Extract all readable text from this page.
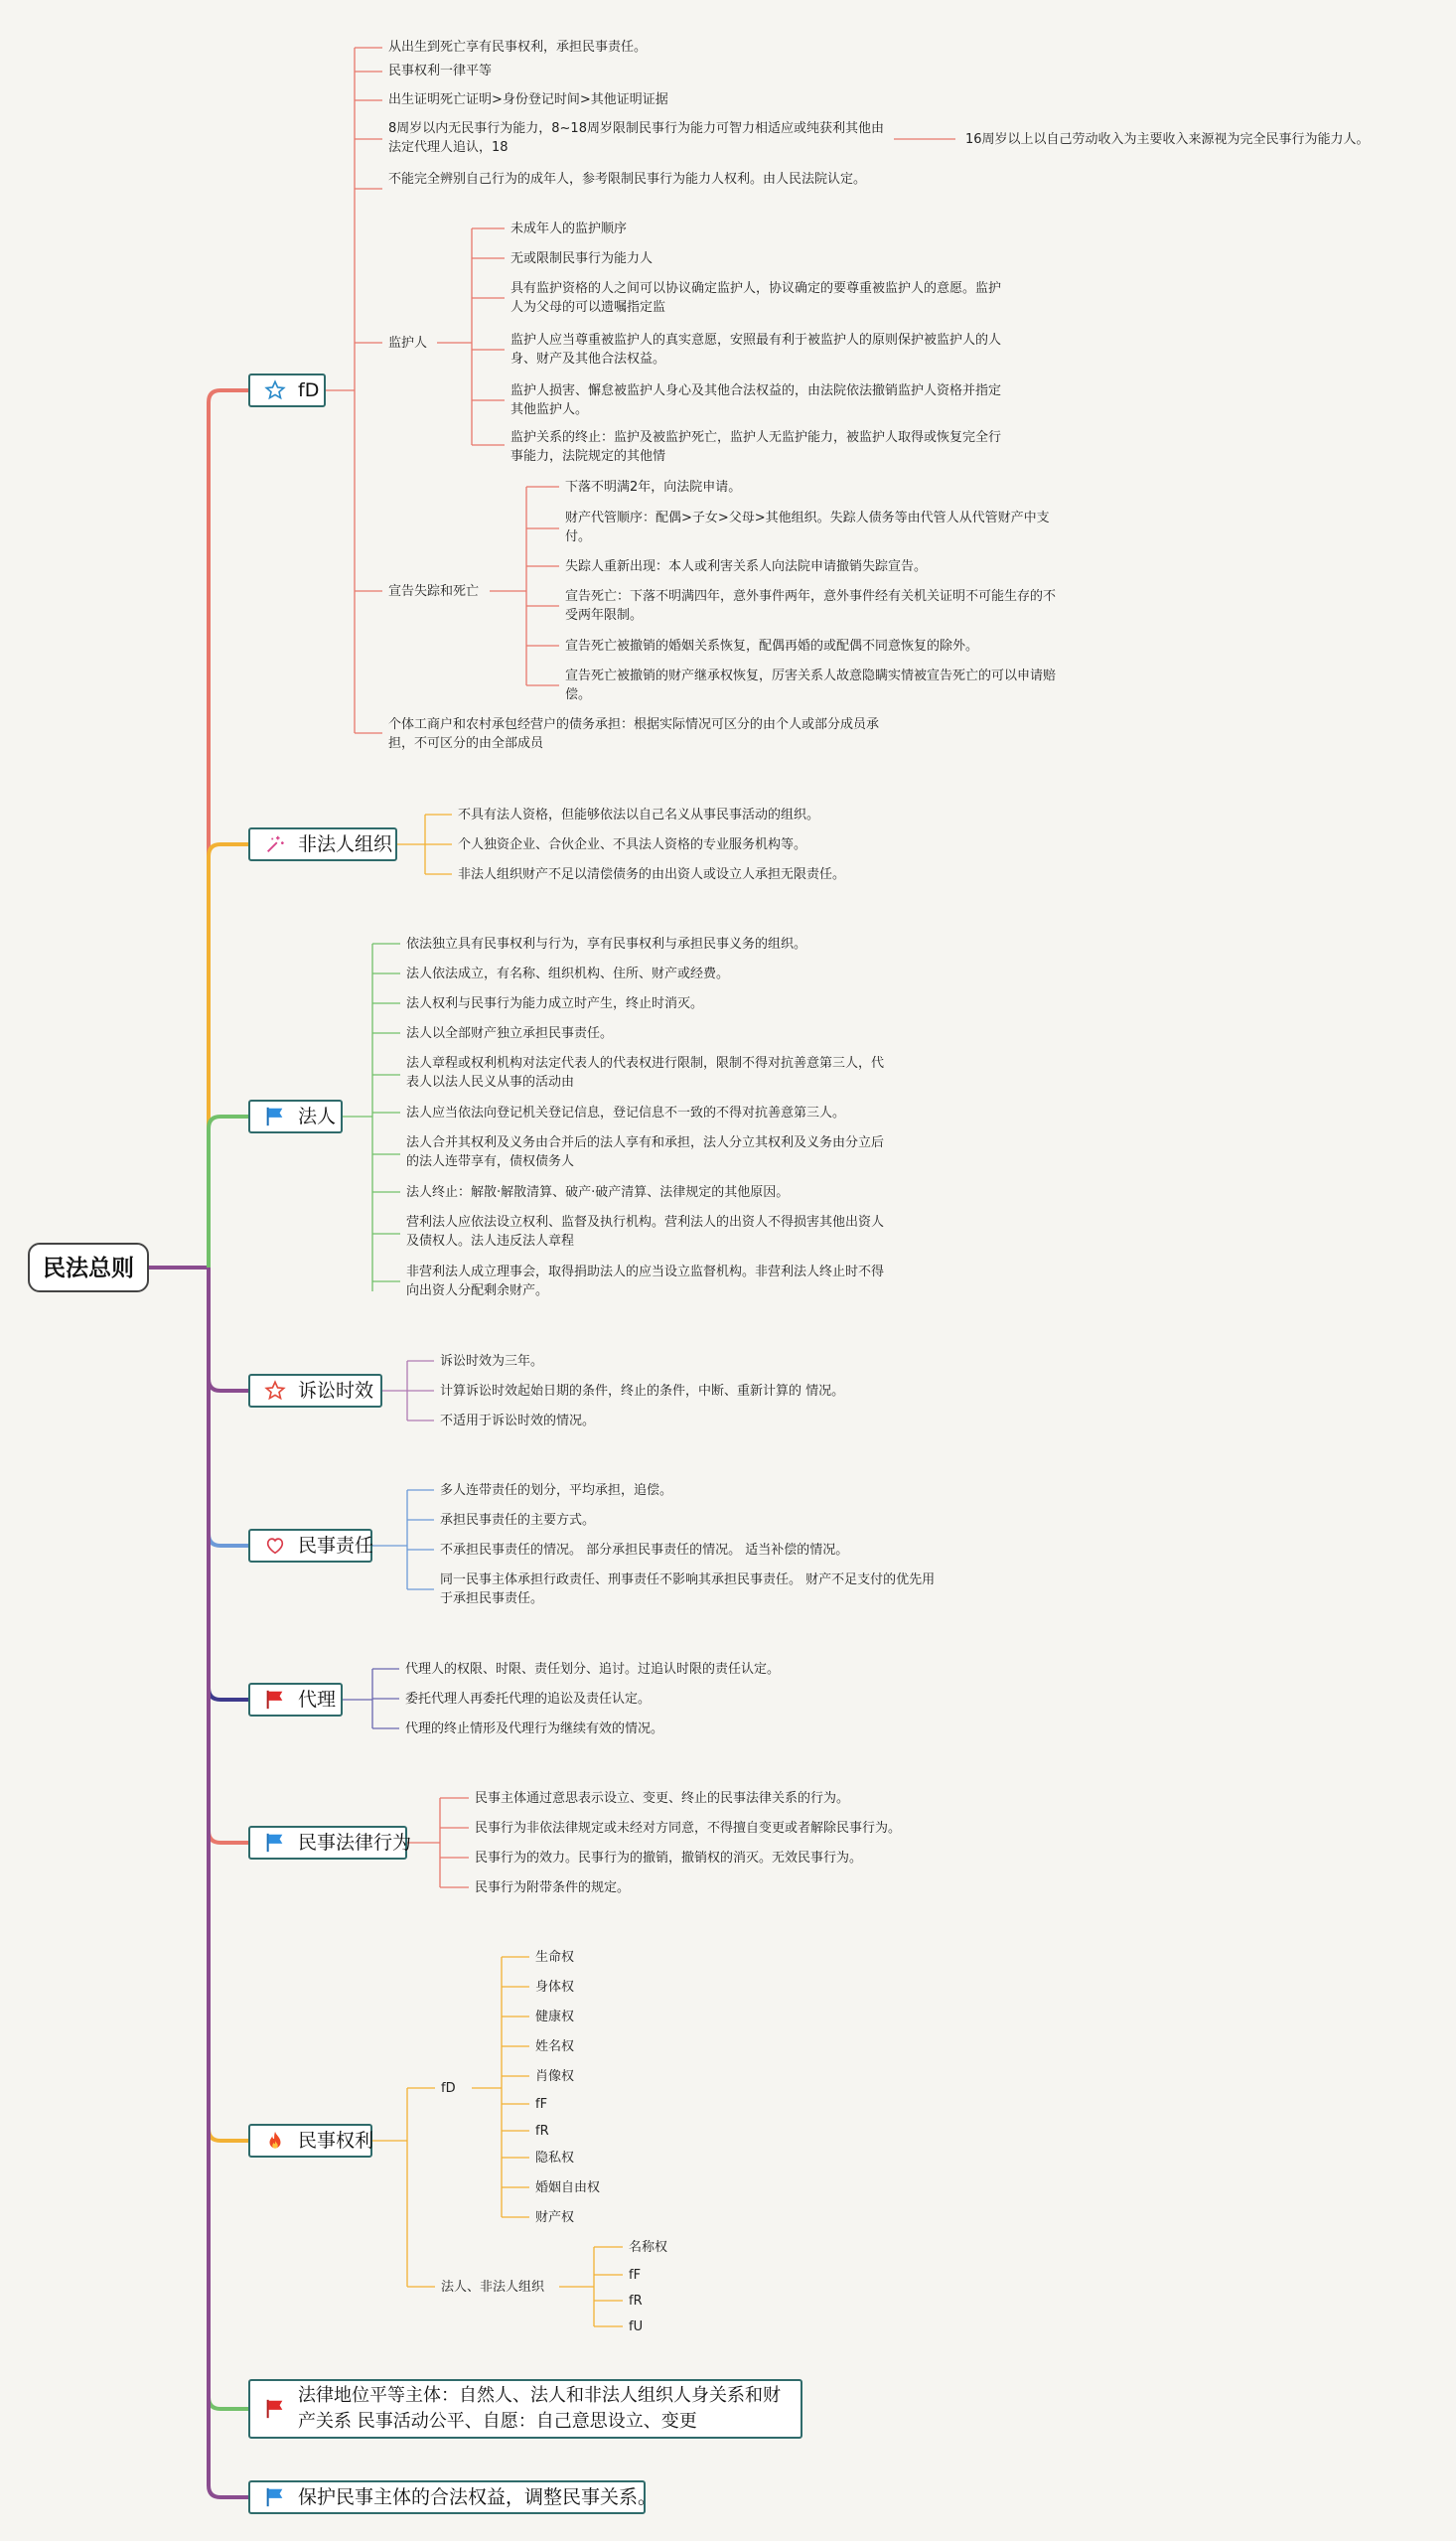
民法总则
fD
从出生到死亡享有民事权利，承担民事责任。
民事权利一律平等
出生证明死亡证明>身份登记时间>其他证明证据
8周岁以内无民事行为能力，8~18周岁限制民事行为能力可智力相适应或纯获利其他由法定代理人追认，18
不能完全辨别自己行为的成年人，参考限制民事行为能力人权利。由人民法院认定。
16周岁以上以自己劳动收入为主要收入来源视为完全民事行为能力人。
监护人
未成年人的监护顺序
无或限制民事行为能力人
具有监护资格的人之间可以协议确定监护人，协议确定的要尊重被监护人的意愿。监护人为父母的可以遗嘱指定监
监护人应当尊重被监护人的真实意愿，安照最有利于被监护人的原则保护被监护人的人身、财产及其他合法权益。
监护人损害、懈怠被监护人身心及其他合法权益的，由法院依法撤销监护人资格并指定其他监护人。
监护关系的终止：监护及被监护死亡，监护人无监护能力，被监护人取得或恢复完全行事能力，法院规定的其他情
宣告失踪和死亡
下落不明满2年，向法院申请。
财产代管顺序：配偶>子女>父母>其他组织。失踪人债务等由代管人从代管财产中支付。
失踪人重新出现：本人或利害关系人向法院申请撤销失踪宣告。
宣告死亡：下落不明满四年，意外事件两年，意外事件经有关机关证明不可能生存的不受两年限制。
宣告死亡被撤销的婚姻关系恢复，配偶再婚的或配偶不同意恢复的除外。
宣告死亡被撤销的财产继承权恢复，厉害关系人故意隐瞒实情被宣告死亡的可以申请赔偿。
个体工商户和农村承包经营户的债务承担：根据实际情况可区分的由个人或部分成员承担，不可区分的由全部成员
非法人组织
不具有法人资格，但能够依法以自己名义从事民事活动的组织。
个人独资企业、合伙企业、不具法人资格的专业服务机构等。
非法人组织财产不足以清偿债务的由出资人或设立人承担无限责任。
法人
依法独立具有民事权利与行为，享有民事权利与承担民事义务的组织。
法人依法成立，有名称、组织机构、住所、财产或经费。
法人权利与民事行为能力成立时产生，终止时消灭。
法人以全部财产独立承担民事责任。
法人章程或权利机构对法定代表人的代表权进行限制，限制不得对抗善意第三人，代表人以法人民义从事的活动由
法人应当依法向登记机关登记信息，登记信息不一致的不得对抗善意第三人。
法人合并其权利及义务由合并后的法人享有和承担，法人分立其权利及义务由分立后的法人连带享有，债权债务人
法人终止：解散·解散清算、破产·破产清算、法律规定的其他原因。
营利法人应依法设立权利、监督及执行机构。营利法人的出资人不得损害其他出资人及债权人。法人违反法人章程
非营利法人成立理事会，取得捐助法人的应当设立监督机构。非营利法人终止时不得向出资人分配剩余财产。
诉讼时效
诉讼时效为三年。
计算诉讼时效起始日期的条件，终止的条件，中断、重新计算的 情况。
不适用于诉讼时效的情况。
民事责任
多人连带责任的划分，平均承担，追偿。
承担民事责任的主要方式。
不承担民事责任的情况。 部分承担民事责任的情况。 适当补偿的情况。
同一民事主体承担行政责任、刑事责任不影响其承担民事责任。 财产不足支付的优先用于承担民事责任。
代理
代理人的权限、时限、责任划分、追讨。过追认时限的责任认定。
委托代理人再委托代理的追讼及责任认定。
代理的终止情形及代理行为继续有效的情况。
民事法律行为
民事主体通过意思表示设立、变更、终止的民事法律关系的行为。
民事行为非依法律规定或未经对方同意，不得擅自变更或者解除民事行为。
民事行为的效力。民事行为的撤销，撤销权的消灭。无效民事行为。
民事行为附带条件的规定。
民事权利
fD
生命权
身体权
健康权
姓名权
肖像权
fF
fR
隐私权
婚姻自由权
财产权
法人、非法人组织
名称权
fF
fR
fU
法律地位平等主体：自然人、法人和非法人组织人身关系和财产关系 民事活动公平、自愿：自己意思设立、变更
保护民事主体的合法权益，调整民事关系。
